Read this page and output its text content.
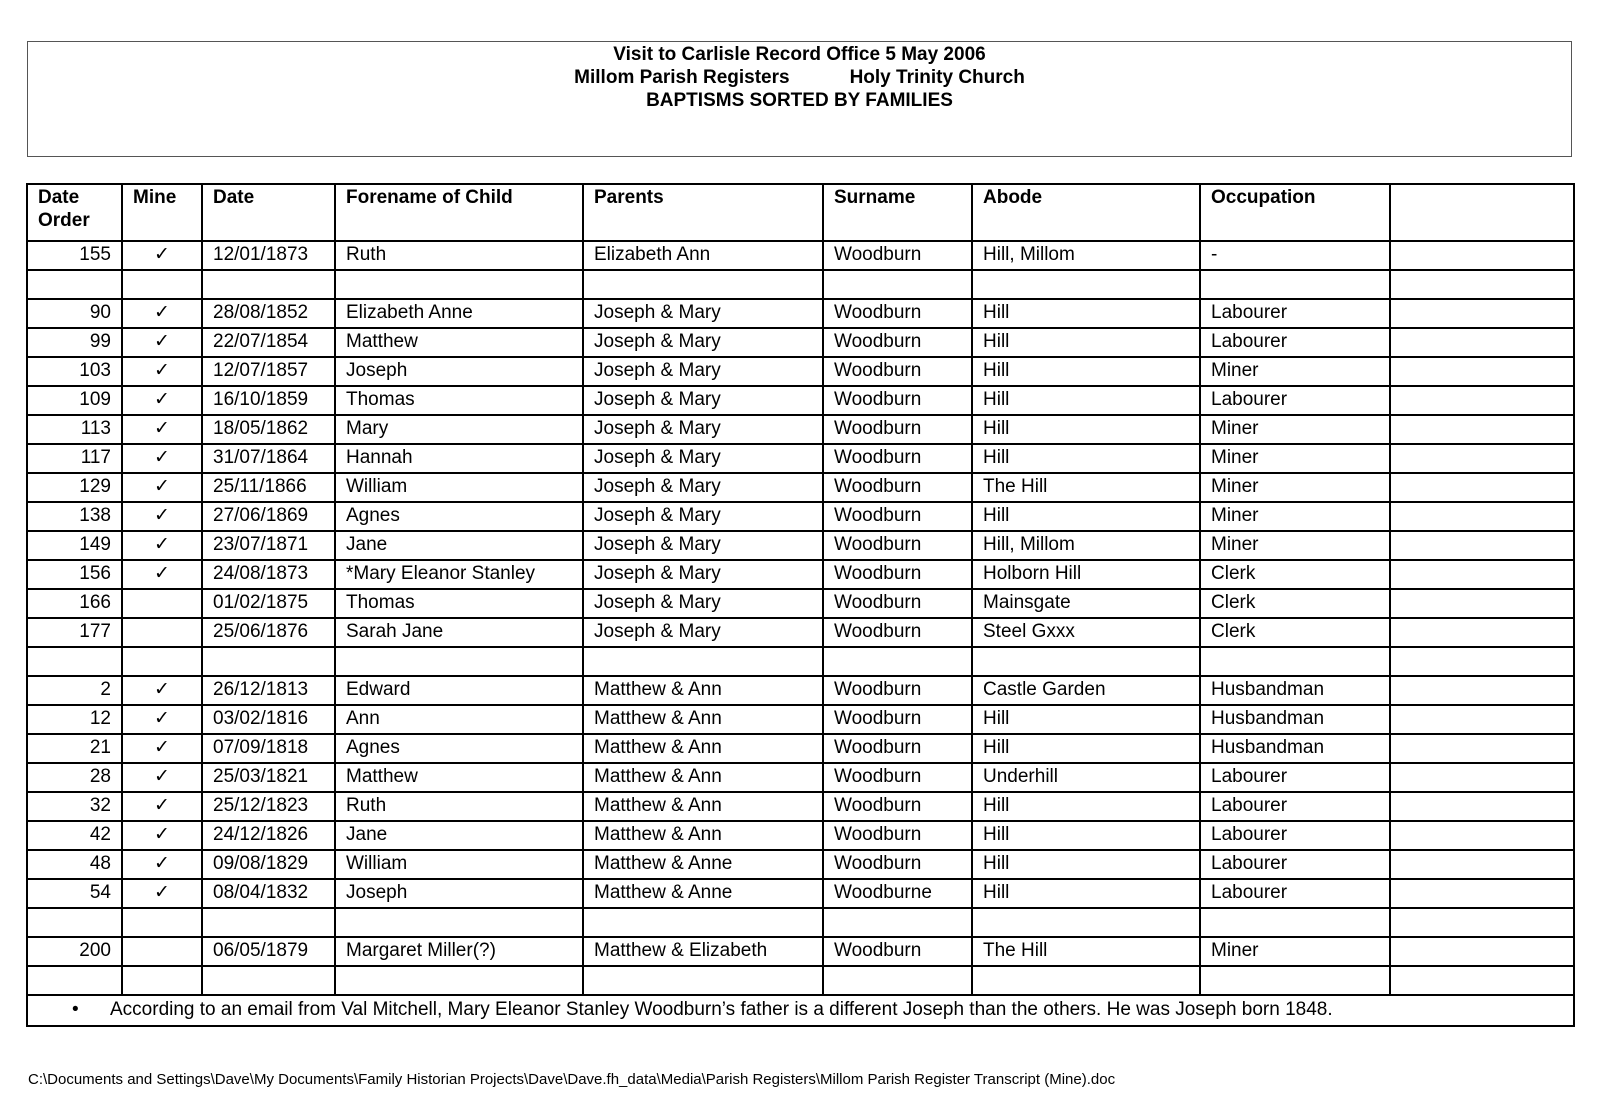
Visit to Carlisle Record Office 5 May 2006
Millom Parish Registers	Holy Trinity Church
BAPTISMS SORTED BY FAMILIES
Date Order	Mine	Date	Forename of Child	Parents	Surname	Abode	Occupation	
155	✓	12/01/1873	Ruth	Elizabeth Ann	Woodburn	Hill, Millom	-	

90	✓	28/08/1852	Elizabeth Anne	Joseph & Mary	Woodburn	Hill	Labourer	
99	✓	22/07/1854	Matthew	Joseph & Mary	Woodburn	Hill	Labourer	
103	✓	12/07/1857	Joseph	Joseph & Mary	Woodburn	Hill	Miner	
109	✓	16/10/1859	Thomas	Joseph & Mary	Woodburn	Hill	Labourer	
113	✓	18/05/1862	Mary	Joseph & Mary	Woodburn	Hill	Miner	
117	✓	31/07/1864	Hannah	Joseph & Mary	Woodburn	Hill	Miner	
129	✓	25/11/1866	William	Joseph & Mary	Woodburn	The Hill	Miner	
138	✓	27/06/1869	Agnes	Joseph & Mary	Woodburn	Hill	Miner	
149	✓	23/07/1871	Jane	Joseph & Mary	Woodburn	Hill, Millom	Miner	
156	✓	24/08/1873	*Mary Eleanor Stanley	Joseph & Mary	Woodburn	Holborn Hill	Clerk	
166		01/02/1875	Thomas	Joseph & Mary	Woodburn	Mainsgate	Clerk	
177		25/06/1876	Sarah Jane	Joseph & Mary	Woodburn	Steel Gxxx	Clerk	

2	✓	26/12/1813	Edward	Matthew & Ann	Woodburn	Castle Garden	Husbandman	
12	✓	03/02/1816	Ann	Matthew & Ann	Woodburn	Hill	Husbandman	
21	✓	07/09/1818	Agnes	Matthew & Ann	Woodburn	Hill	Husbandman	
28	✓	25/03/1821	Matthew	Matthew & Ann	Woodburn	Underhill	Labourer	
32	✓	25/12/1823	Ruth	Matthew & Ann	Woodburn	Hill	Labourer	
42	✓	24/12/1826	Jane	Matthew & Ann	Woodburn	Hill	Labourer	
48	✓	09/08/1829	William	Matthew & Anne	Woodburn	Hill	Labourer	
54	✓	08/04/1832	Joseph	Matthew & Anne	Woodburne	Hill	Labourer	

200		06/05/1879	Margaret Miller(?)	Matthew & Elizabeth	Woodburn	The Hill	Miner	

• According to an email from Val Mitchell, Mary Eleanor Stanley Woodburn’s father is a different Joseph than the others. He was Joseph born 1848.								
C:\Documents and Settings\Dave\My Documents\Family Historian Projects\Dave\Dave.fh_data\Media\Parish Registers\Millom Parish Register Transcript (Mine).doc
